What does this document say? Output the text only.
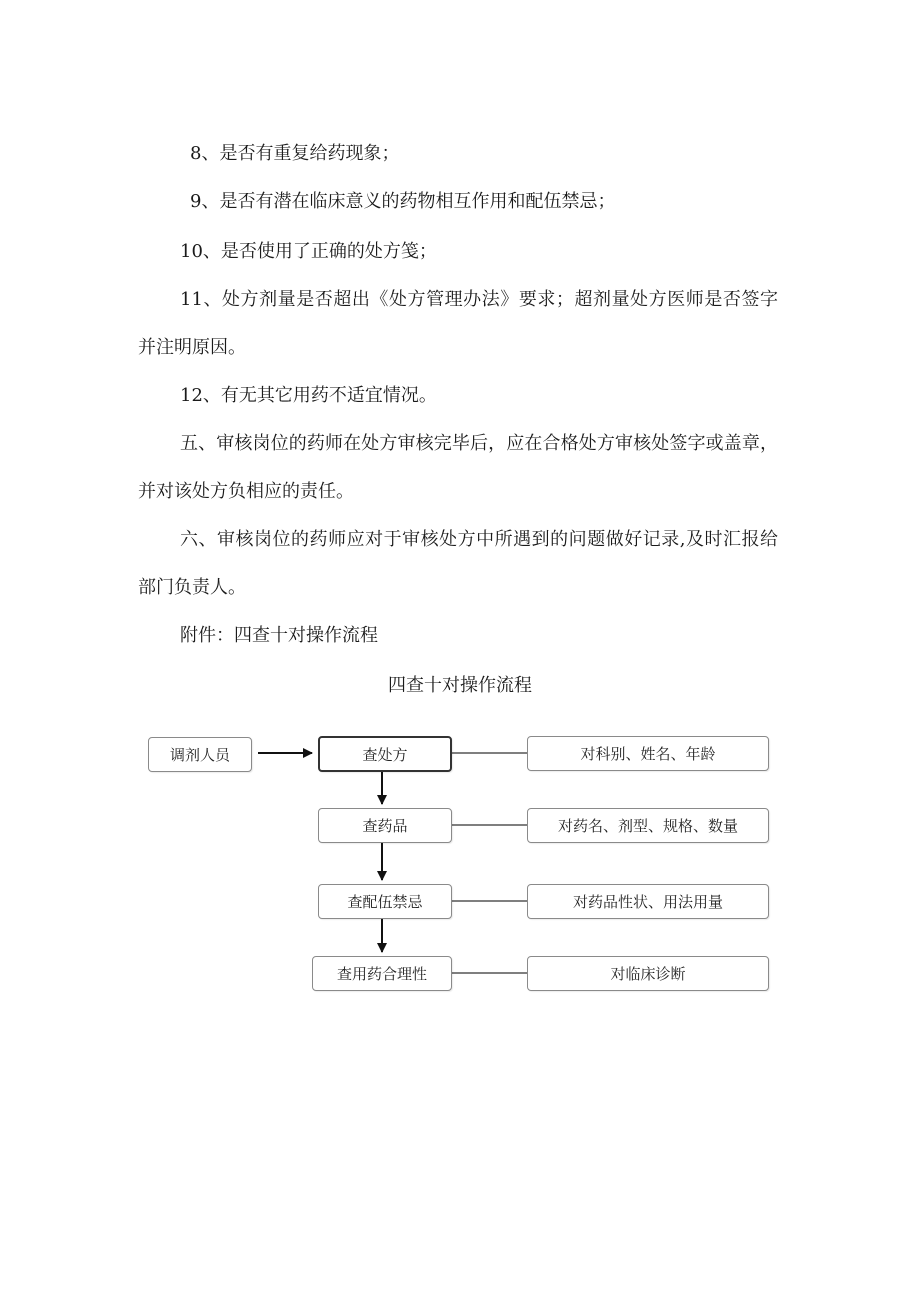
8、是否有重复给药现象；

9、是否有潜在临床意义的药物相互作用和配伍禁忌；

10、是否使用了正确的处方笺；

11、处方剂量是否超出《处方管理办法》要求；超剂量处方医师是否签字并注明原因。

12、有无其它用药不适宜情况。

五、审核岗位的药师在处方审核完毕后，应在合格处方审核处签字或盖章，并对该处方负相应的责任。

六、审核岗位的药师应对于审核处方中所遇到的问题做好记录,及时汇报给部门负责人。

附件：四查十对操作流程

四查十对操作流程
调剂人员	查处方
查药品
查配伍禁忌
查用药合理性
对科别、姓名、年龄
对药名、剂型、规格、数量
对药品性状、用法用量
对临床诊断
